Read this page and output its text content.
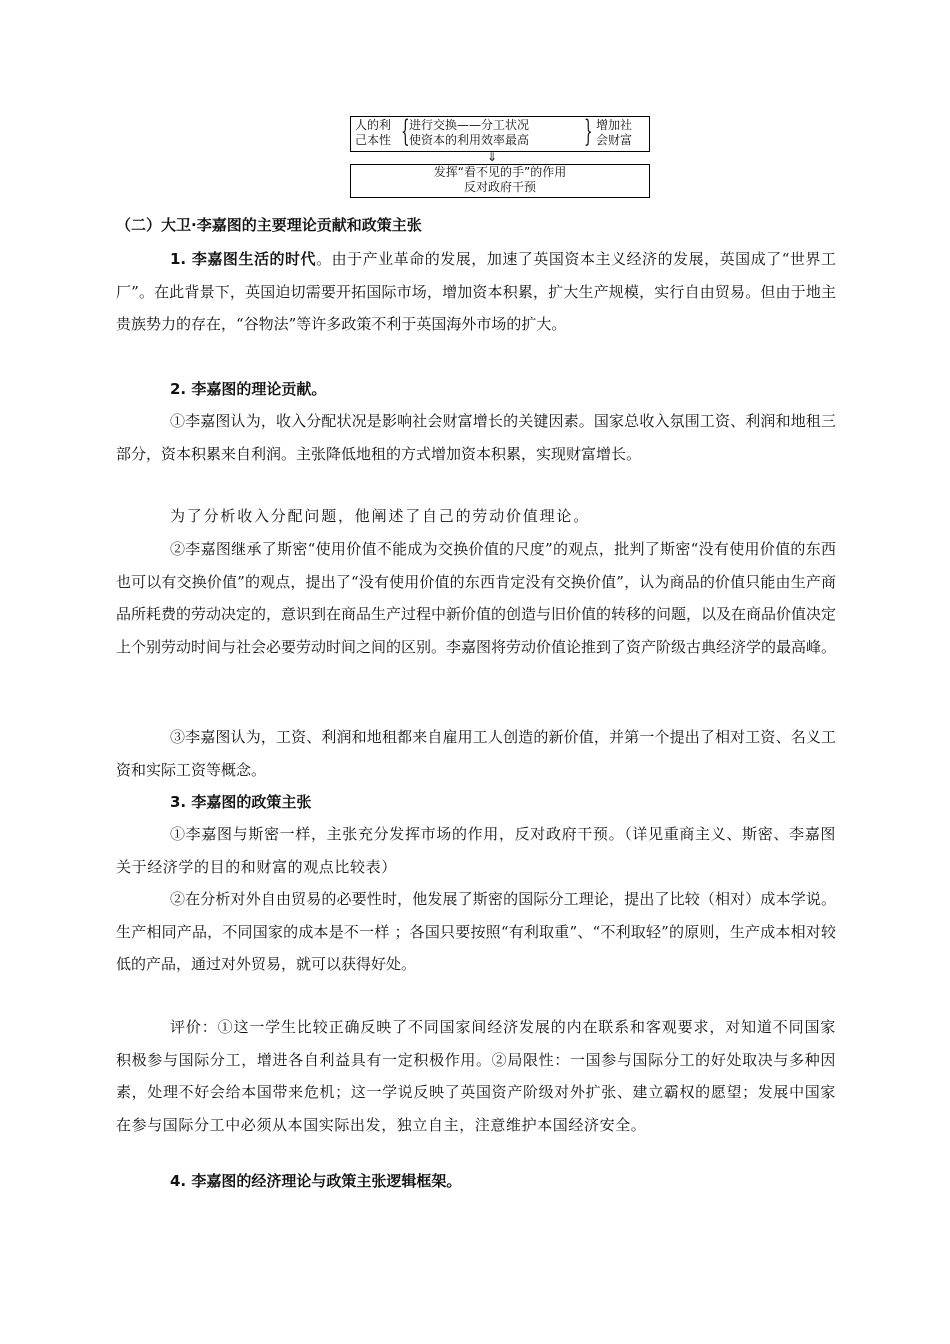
人的利
己本性 { 进行交换——分工状况
使资本的利用效率最高 } 增加社
会财富
⇓
发挥“看不见的手”的作用
反对政府干预
（二）大卫·李嘉图的主要理论贡献和政策主张
1. 李嘉图生活的时代。由于产业革命的发展，加速了英国资本主义经济的发展，英国成了“世界工厂”。在此背景下，英国迫切需要开拓国际市场，增加资本积累，扩大生产规模，实行自由贸易。但由于地主贵族势力的存在，“谷物法”等许多政策不利于英国海外市场的扩大。
2. 李嘉图的理论贡献。
①李嘉图认为，收入分配状况是影响社会财富增长的关键因素。国家总收入氛围工资、利润和地租三部分，资本积累来自利润。主张降低地租的方式增加资本积累，实现财富增长。
为了分析收入分配问题，他阐述了自己的劳动价值理论。
②李嘉图继承了斯密“使用价值不能成为交换价值的尺度”的观点，批判了斯密“没有使用价值的东西也可以有交换价值”的观点，提出了“没有使用价值的东西肯定没有交换价值”，认为商品的价值只能由生产商品所耗费的劳动决定的，意识到在商品生产过程中新价值的创造与旧价值的转移的问题，以及在商品价值决定上个别劳动时间与社会必要劳动时间之间的区别。李嘉图将劳动价值论推到了资产阶级古典经济学的最高峰。
③李嘉图认为，工资、利润和地租都来自雇用工人创造的新价值，并第一个提出了相对工资、名义工资和实际工资等概念。
3. 李嘉图的政策主张
①李嘉图与斯密一样，主张充分发挥市场的作用，反对政府干预。（详见重商主义、斯密、李嘉图关于经济学的目的和财富的观点比较表）
②在分析对外自由贸易的必要性时，他发展了斯密的国际分工理论，提出了比较（相对）成本学说。生产相同产品，不同国家的成本是不一样 ；各国只要按照“有利取重”、“不利取轻”的原则，生产成本相对较低的产品，通过对外贸易，就可以获得好处。
评价：①这一学生比较正确反映了不同国家间经济发展的内在联系和客观要求，对知道不同国家积极参与国际分工，增进各自利益具有一定积极作用。②局限性：一国参与国际分工的好处取决与多种因素，处理不好会给本国带来危机；这一学说反映了英国资产阶级对外扩张、建立霸权的愿望；发展中国家在参与国际分工中必须从本国实际出发，独立自主，注意维护本国经济安全。
4. 李嘉图的经济理论与政策主张逻辑框架。
